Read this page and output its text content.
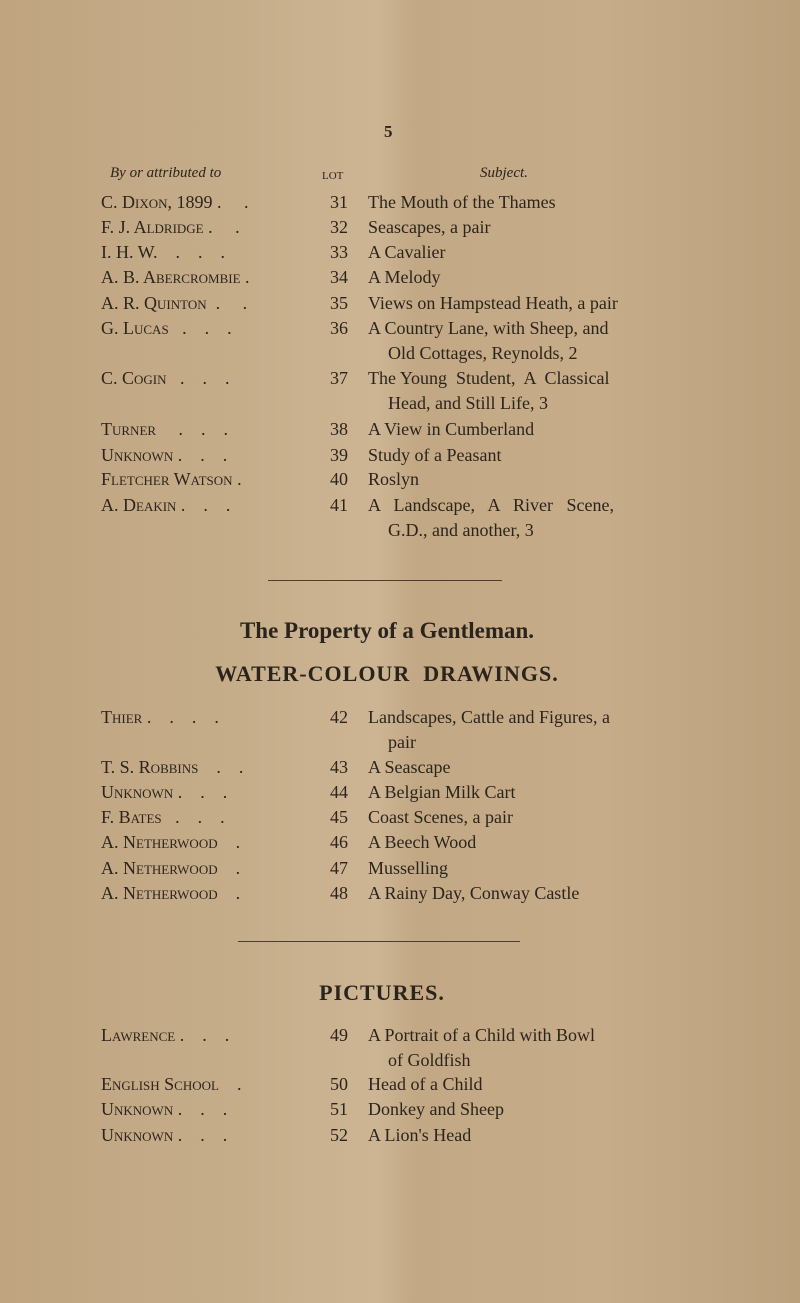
5
By or attributed to	LOT	Subject.
C. Dixon, 1899 .     .	31 The Mouth of the Thames
F. J. Aldridge .     .	32 Seascapes, a pair
I. H. W.    .    .    .	33 A Cavalier
A. B. Abercrombie .	34 A Melody
A. R. Quinton  .     .	35 Views on Hampstead Heath, a pair
G. Lucas   .    .    .	36 A Country Lane, with Sheep, and
Old Cottages, Reynolds, 2
C. Cogin   .    .    .	37 The Young  Student,  A  Classical
Head, and Still Life, 3
Turner     .    .    .	38 A View in Cumberland
Unknown .    .    .	39 Study of a Peasant
Fletcher Watson .	40 Roslyn
A. Deakin .    .    .	41 A   Landscape,   A   River   Scene,
G.D., and another, 3
Thier .    .    .    .	42 Landscapes, Cattle and Figures, a
pair
T. S. Robbins    .    .	43 A Seascape
Unknown .    .    .	44 A Belgian Milk Cart
F. Bates   .    .    .	45 Coast Scenes, a pair
A. Netherwood    .	46 A Beech Wood
A. Netherwood    .	47 Musselling
A. Netherwood    .	48 A Rainy Day, Conway Castle
Lawrence .    .    .	49 A Portrait of a Child with Bowl
of Goldfish
English School    .	50 Head of a Child
Unknown .    .    .	51 Donkey and Sheep
Unknown .    .    .	52 A Lion's Head
The Property of a Gentleman.
WATER-COLOUR  DRAWINGS.
PICTURES.
